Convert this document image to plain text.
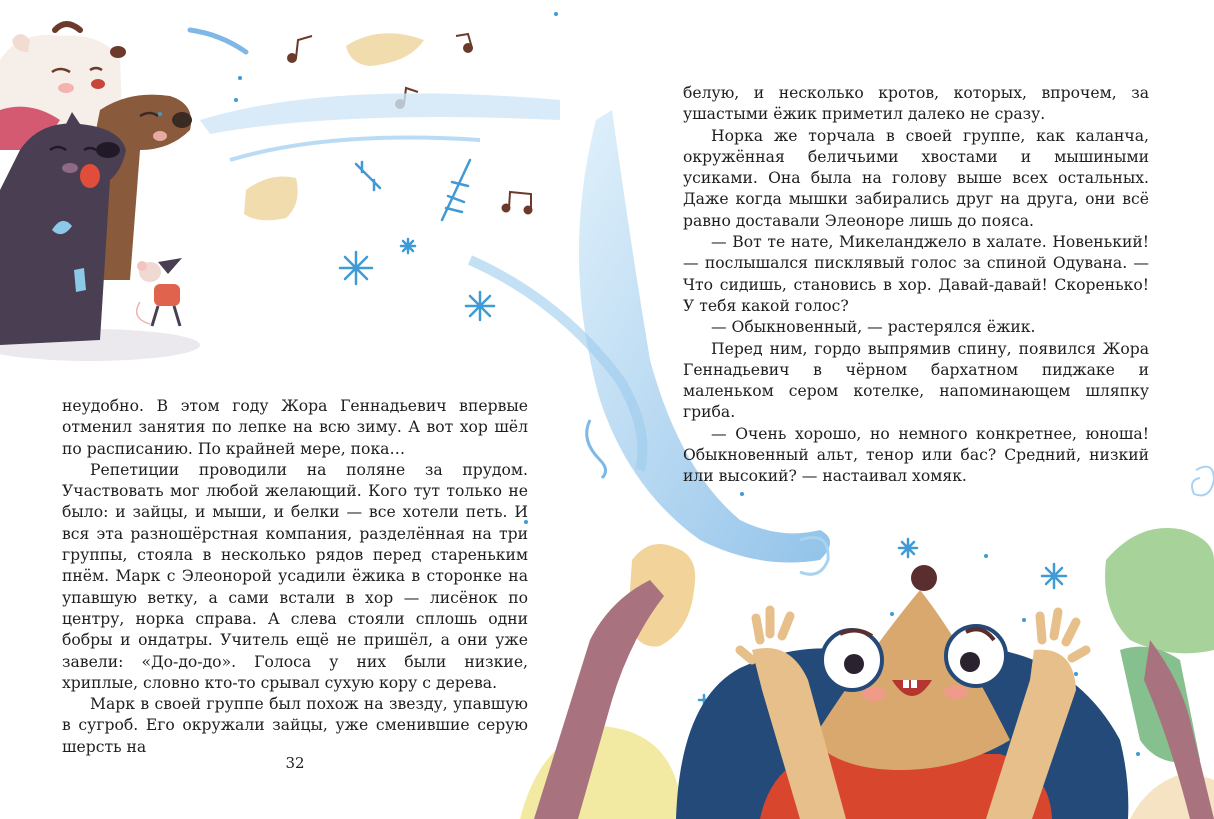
неудобно. В этом году Жора Геннадьевич впервые отменил занятия по лепке на всю зиму. А вот хор шёл по расписанию. По крайней мере, пока…

Репетиции проводили на поляне за прудом. Участвовать мог любой желающий. Кого тут только не было: и зайцы, и мыши, и белки — все хотели петь. И вся эта разношёрстная компания, разделённая на три группы, стояла в несколько рядов перед стареньким пнём. Марк с Элеонорой усадили ёжика в сторонке на упавшую ветку, а сами встали в хор — лисёнок по центру, норка справа. А слева стояли сплошь одни бобры и ондатры. Учитель ещё не пришёл, а они уже завели: «До-до-до». Голоса у них были низкие, хриплые, словно кто-то срывал сухую кору с дерева.

Марк в своей группе был похож на звезду, упавшую в сугроб. Его окружали зайцы, уже сменившие серую шерсть на

32

белую, и несколько кротов, которых, впрочем, за ушастыми ёжик приметил далеко не сразу.

Норка же торчала в своей группе, как каланча, окружённая беличьими хвостами и мышиными усиками. Она была на голову выше всех остальных. Даже когда мышки забирались друг на друга, они всё равно доставали Элеоноре лишь до пояса.

— Вот те нате, Микеланджело в халате. Новенький! — послышался писклявый голос за спиной Одувана. — Что сидишь, становись в хор. Давай-давай! Скоренько! У тебя какой голос?

— Обыкновенный, — растерялся ёжик.

Перед ним, гордо выпрямив спину, появился Жора Геннадьевич в чёрном бархатном пиджаке и маленьком сером котелке, напоминающем шляпку гриба.

— Очень хорошо, но немного конкретнее, юноша! Обыкновенный альт, тенор или бас? Средний, низкий или высокий? — настаивал хомяк.
